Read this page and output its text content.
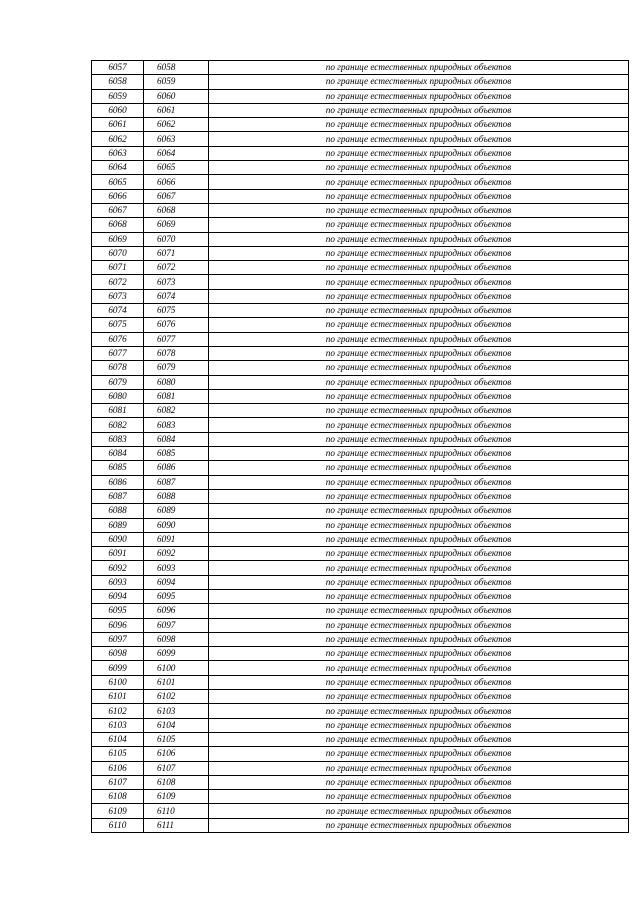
6057	6058	по границе естественных природных объектов
6058	6059	по границе естественных природных объектов
6059	6060	по границе естественных природных объектов
6060	6061	по границе естественных природных объектов
6061	6062	по границе естественных природных объектов
6062	6063	по границе естественных природных объектов
6063	6064	по границе естественных природных объектов
6064	6065	по границе естественных природных объектов
6065	6066	по границе естественных природных объектов
6066	6067	по границе естественных природных объектов
6067	6068	по границе естественных природных объектов
6068	6069	по границе естественных природных объектов
6069	6070	по границе естественных природных объектов
6070	6071	по границе естественных природных объектов
6071	6072	по границе естественных природных объектов
6072	6073	по границе естественных природных объектов
6073	6074	по границе естественных природных объектов
6074	6075	по границе естественных природных объектов
6075	6076	по границе естественных природных объектов
6076	6077	по границе естественных природных объектов
6077	6078	по границе естественных природных объектов
6078	6079	по границе естественных природных объектов
6079	6080	по границе естественных природных объектов
6080	6081	по границе естественных природных объектов
6081	6082	по границе естественных природных объектов
6082	6083	по границе естественных природных объектов
6083	6084	по границе естественных природных объектов
6084	6085	по границе естественных природных объектов
6085	6086	по границе естественных природных объектов
6086	6087	по границе естественных природных объектов
6087	6088	по границе естественных природных объектов
6088	6089	по границе естественных природных объектов
6089	6090	по границе естественных природных объектов
6090	6091	по границе естественных природных объектов
6091	6092	по границе естественных природных объектов
6092	6093	по границе естественных природных объектов
6093	6094	по границе естественных природных объектов
6094	6095	по границе естественных природных объектов
6095	6096	по границе естественных природных объектов
6096	6097	по границе естественных природных объектов
6097	6098	по границе естественных природных объектов
6098	6099	по границе естественных природных объектов
6099	6100	по границе естественных природных объектов
6100	6101	по границе естественных природных объектов
6101	6102	по границе естественных природных объектов
6102	6103	по границе естественных природных объектов
6103	6104	по границе естественных природных объектов
6104	6105	по границе естественных природных объектов
6105	6106	по границе естественных природных объектов
6106	6107	по границе естественных природных объектов
6107	6108	по границе естественных природных объектов
6108	6109	по границе естественных природных объектов
6109	6110	по границе естественных природных объектов
6110	6111	по границе естественных природных объектов
